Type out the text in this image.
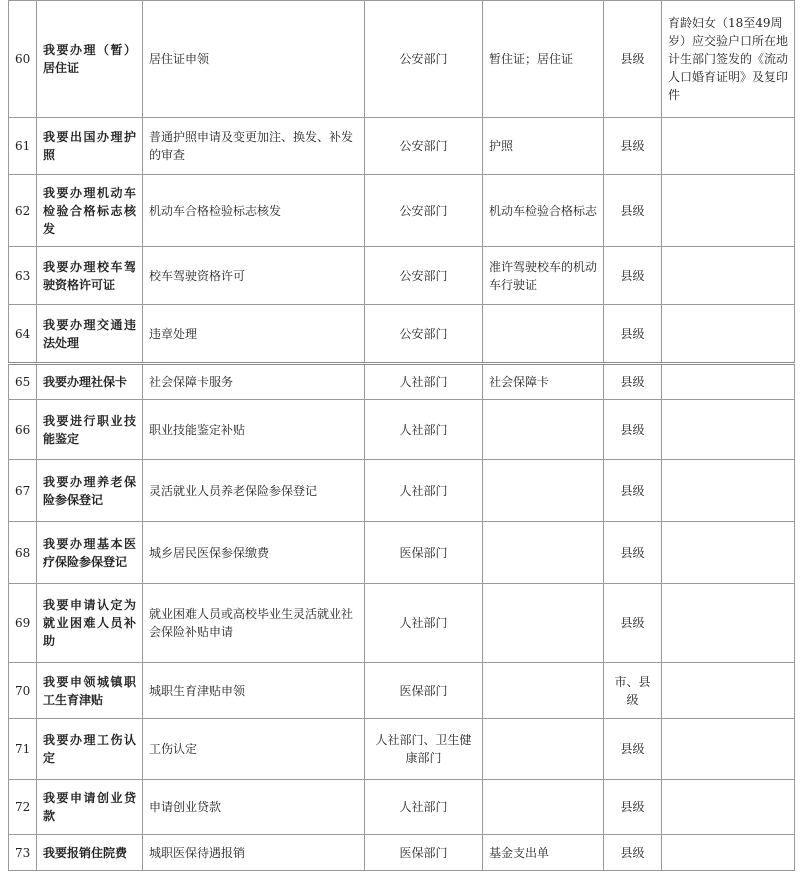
60	我要办理（暂）居住证	居住证申领	公安部门	暂住证；居住证	县级	育龄妇女（18至49周岁）应交验户口所在地计生部门签发的《流动人口婚育证明》及复印件
61	我要出国办理护照	普通护照申请及变更加注、换发、补发的审查	公安部门	护照	县级	
62	我要办理机动车检验合格标志核发	机动车合格检验标志核发	公安部门	机动车检验合格标志	县级	
63	我要办理校车驾驶资格许可证	校车驾驶资格许可	公安部门	准许驾驶校车的机动车行驶证	县级	
64	我要办理交通违法处理	违章处理	公安部门		县级	
65	我要办理社保卡	社会保障卡服务	人社部门	社会保障卡	县级	
66	我要进行职业技能鉴定	职业技能鉴定补贴	人社部门		县级	
67	我要办理养老保险参保登记	灵活就业人员养老保险参保登记	人社部门		县级	
68	我要办理基本医疗保险参保登记	城乡居民医保参保缴费	医保部门		县级	
69	我要申请认定为就业困难人员补助	就业困难人员或高校毕业生灵活就业社会保险补贴申请	人社部门		县级	
70	我要申领城镇职工生育津贴	城职生育津贴申领	医保部门		市、县级	
71	我要办理工伤认定	工伤认定	人社部门、卫生健康部门		县级	
72	我要申请创业贷款	申请创业贷款	人社部门		县级	
73	我要报销住院费	城职医保待遇报销	医保部门	基金支出单	县级	
